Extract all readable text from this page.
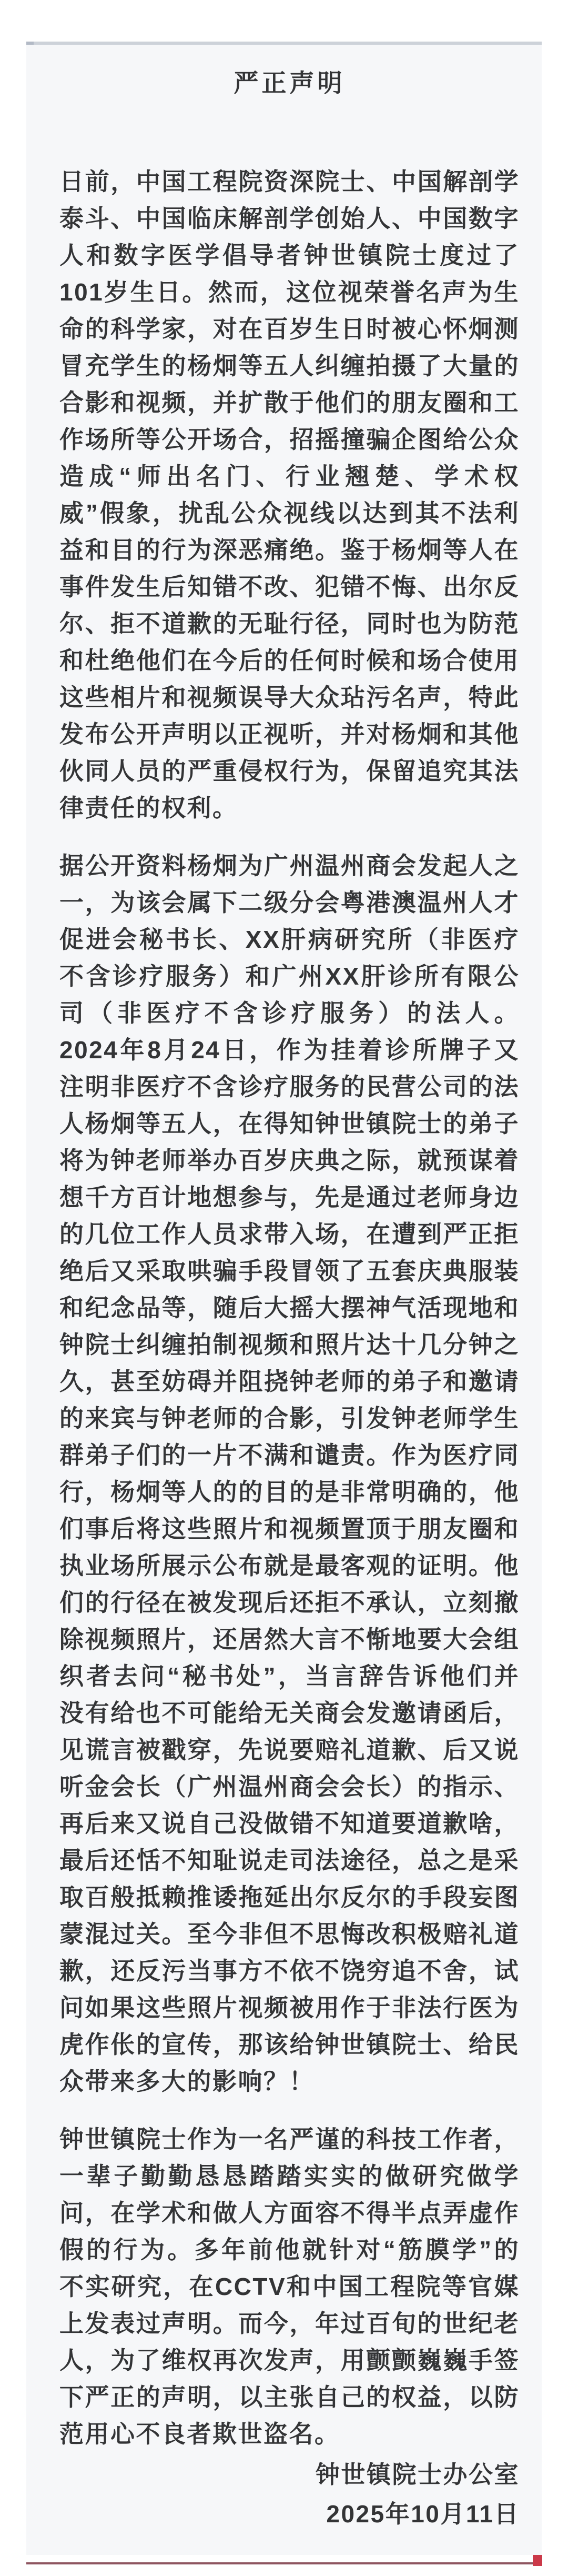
严正声明

日前，中国工程院资深院士、中国解剖学泰斗、中国临床解剖学创始人、中国数字人和数字医学倡导者钟世镇院士度过了101岁生日。然而，这位视荣誉名声为生命的科学家，对在百岁生日时被心怀炯测冒充学生的杨炯等五人纠缠拍摄了大量的合影和视频，并扩散于他们的朋友圈和工作场所等公开场合，招摇撞骗企图给公众造成“师出名门、行业翘楚、学术权威”假象，扰乱公众视线以达到其不法利益和目的行为深恶痛绝。鉴于杨炯等人在事件发生后知错不改、犯错不悔、出尔反尔、拒不道歉的无耻行径，同时也为防范和杜绝他们在今后的任何时候和场合使用这些相片和视频误导大众玷污名声，特此发布公开声明以正视听，并对杨炯和其他伙同人员的严重侵权行为，保留追究其法律责任的权利。

据公开资料杨炯为广州温州商会发起人之一，为该会属下二级分会粤港澳温州人才促进会秘书长、XX肝病研究所（非医疗不含诊疗服务）和广州XX肝诊所有限公司（非医疗不含诊疗服务）的法人。2024年8月24日，作为挂着诊所牌子又注明非医疗不含诊疗服务的民营公司的法人杨炯等五人，在得知钟世镇院士的弟子将为钟老师举办百岁庆典之际，就预谋着想千方百计地想参与，先是通过老师身边的几位工作人员求带入场，在遭到严正拒绝后又采取哄骗手段冒领了五套庆典服装和纪念品等，随后大摇大摆神气活现地和钟院士纠缠拍制视频和照片达十几分钟之久，甚至妨碍并阻挠钟老师的弟子和邀请的来宾与钟老师的合影，引发钟老师学生群弟子们的一片不满和谴责。作为医疗同行，杨炯等人的的目的是非常明确的，他们事后将这些照片和视频置顶于朋友圈和执业场所展示公布就是最客观的证明。他们的行径在被发现后还拒不承认，立刻撤除视频照片，还居然大言不惭地要大会组织者去问“秘书处”，当言辞告诉他们并没有给也不可能给无关商会发邀请函后，见谎言被戳穿，先说要赔礼道歉、后又说听金会长（广州温州商会会长）的指示、再后来又说自己没做错不知道要道歉啥，最后还恬不知耻说走司法途径，总之是采取百般抵赖推诿拖延出尔反尔的手段妄图蒙混过关。至今非但不思悔改积极赔礼道歉，还反污当事方不依不饶穷追不舍，试问如果这些照片视频被用作于非法行医为虎作伥的宣传，那该给钟世镇院士、给民众带来多大的影响？！

钟世镇院士作为一名严谨的科技工作者，一辈子勤勤恳恳踏踏实实的做研究做学问，在学术和做人方面容不得半点弄虚作假的行为。多年前他就针对“筋膜学”的不实研究，在CCTV和中国工程院等官媒上发表过声明。而今，年过百旬的世纪老人，为了维权再次发声，用颤颤巍巍手签下严正的声明，以主张自己的权益，以防范用心不良者欺世盗名。

钟世镇院士办公室
2025年10月11日
